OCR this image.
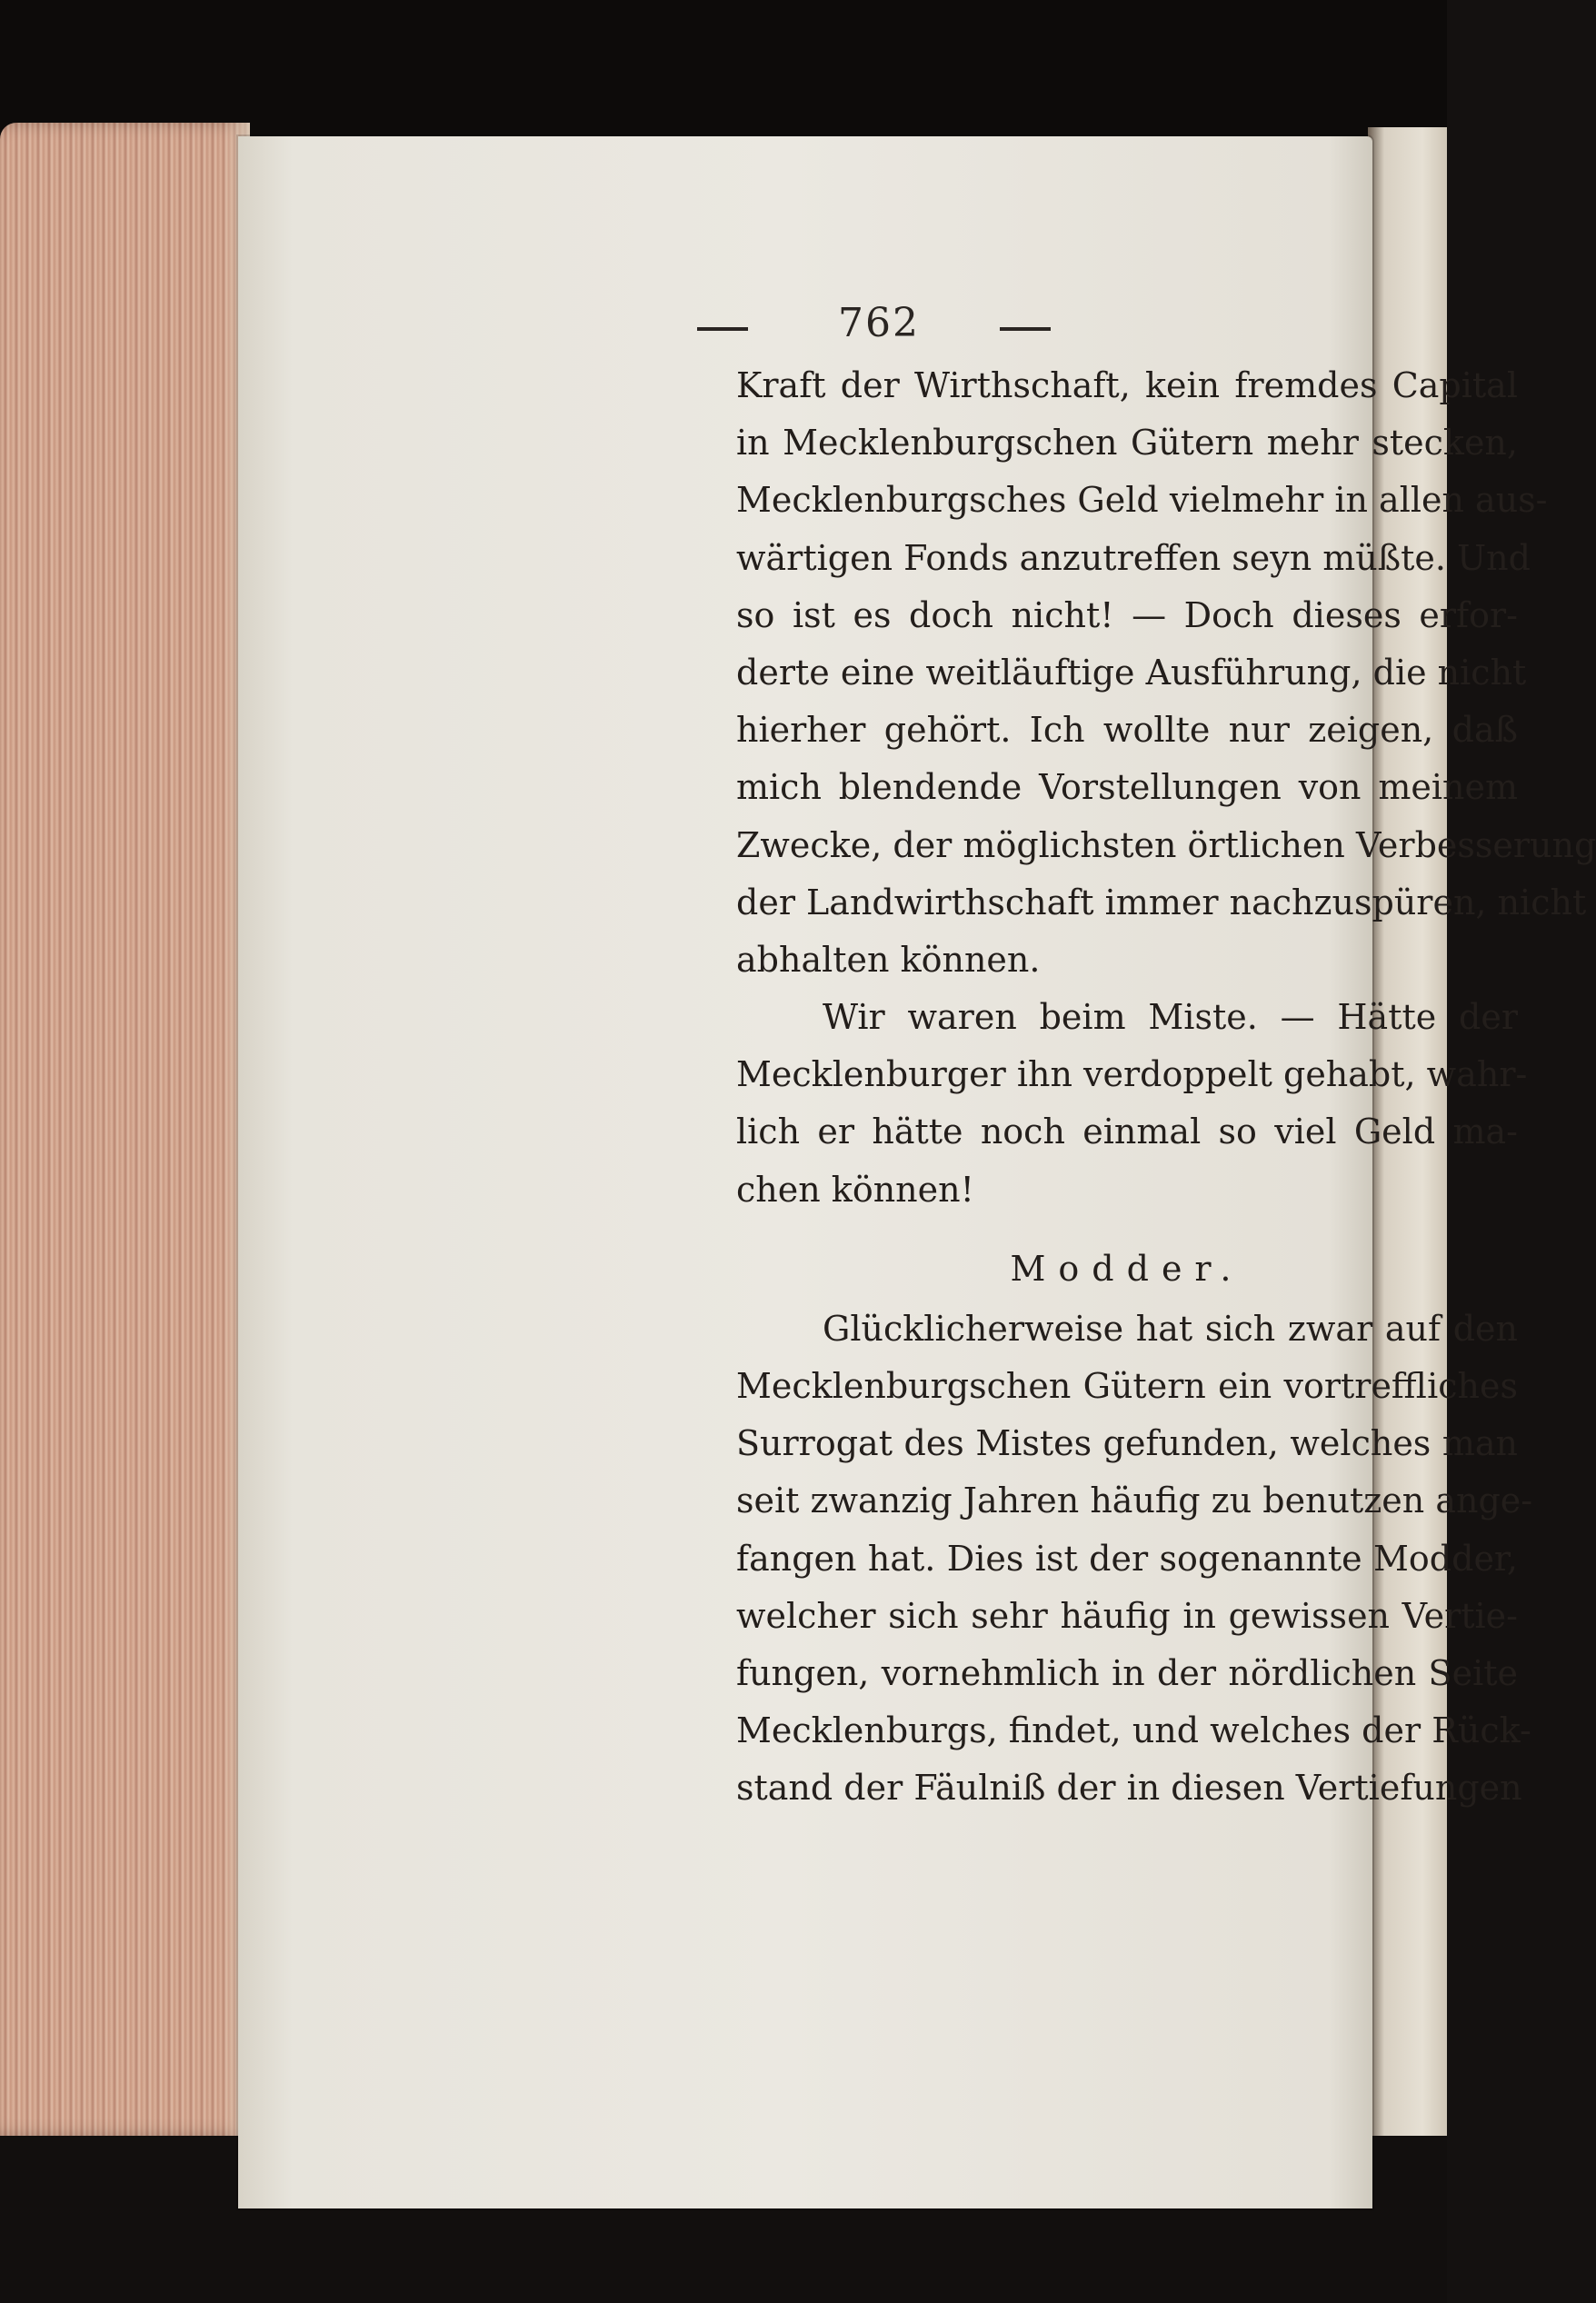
762
Kraft der Wirthschaft, kein fremdes Capital
in Mecklenburgschen Gütern mehr stecken,
Mecklenburgsches Geld vielmehr in allen aus-
wärtigen Fonds anzutreffen seyn müßte. Und
so ist es doch nicht! — Doch dieses erfor-
derte eine weitläuftige Ausführung, die nicht
hierher gehört. Ich wollte nur zeigen, daß
mich blendende Vorstellungen von meinem
Zwecke, der möglichsten örtlichen Verbesserung
der Landwirthschaft immer nachzuspüren, nicht
abhalten können.
Wir waren beim Miste. — Hätte der
Mecklenburger ihn verdoppelt gehabt, wahr-
lich er hätte noch einmal so viel Geld ma-
chen können!
Modder.
Glücklicherweise hat sich zwar auf den
Mecklenburgschen Gütern ein vortreffliches
Surrogat des Mistes gefunden, welches man
seit zwanzig Jahren häufig zu benutzen ange-
fangen hat. Dies ist der sogenannte Modder,
welcher sich sehr häufig in gewissen Vertie-
fungen, vornehmlich in der nördlichen Seite
Mecklenburgs, findet, und welches der Rück-
stand der Fäulniß der in diesen Vertiefungen
